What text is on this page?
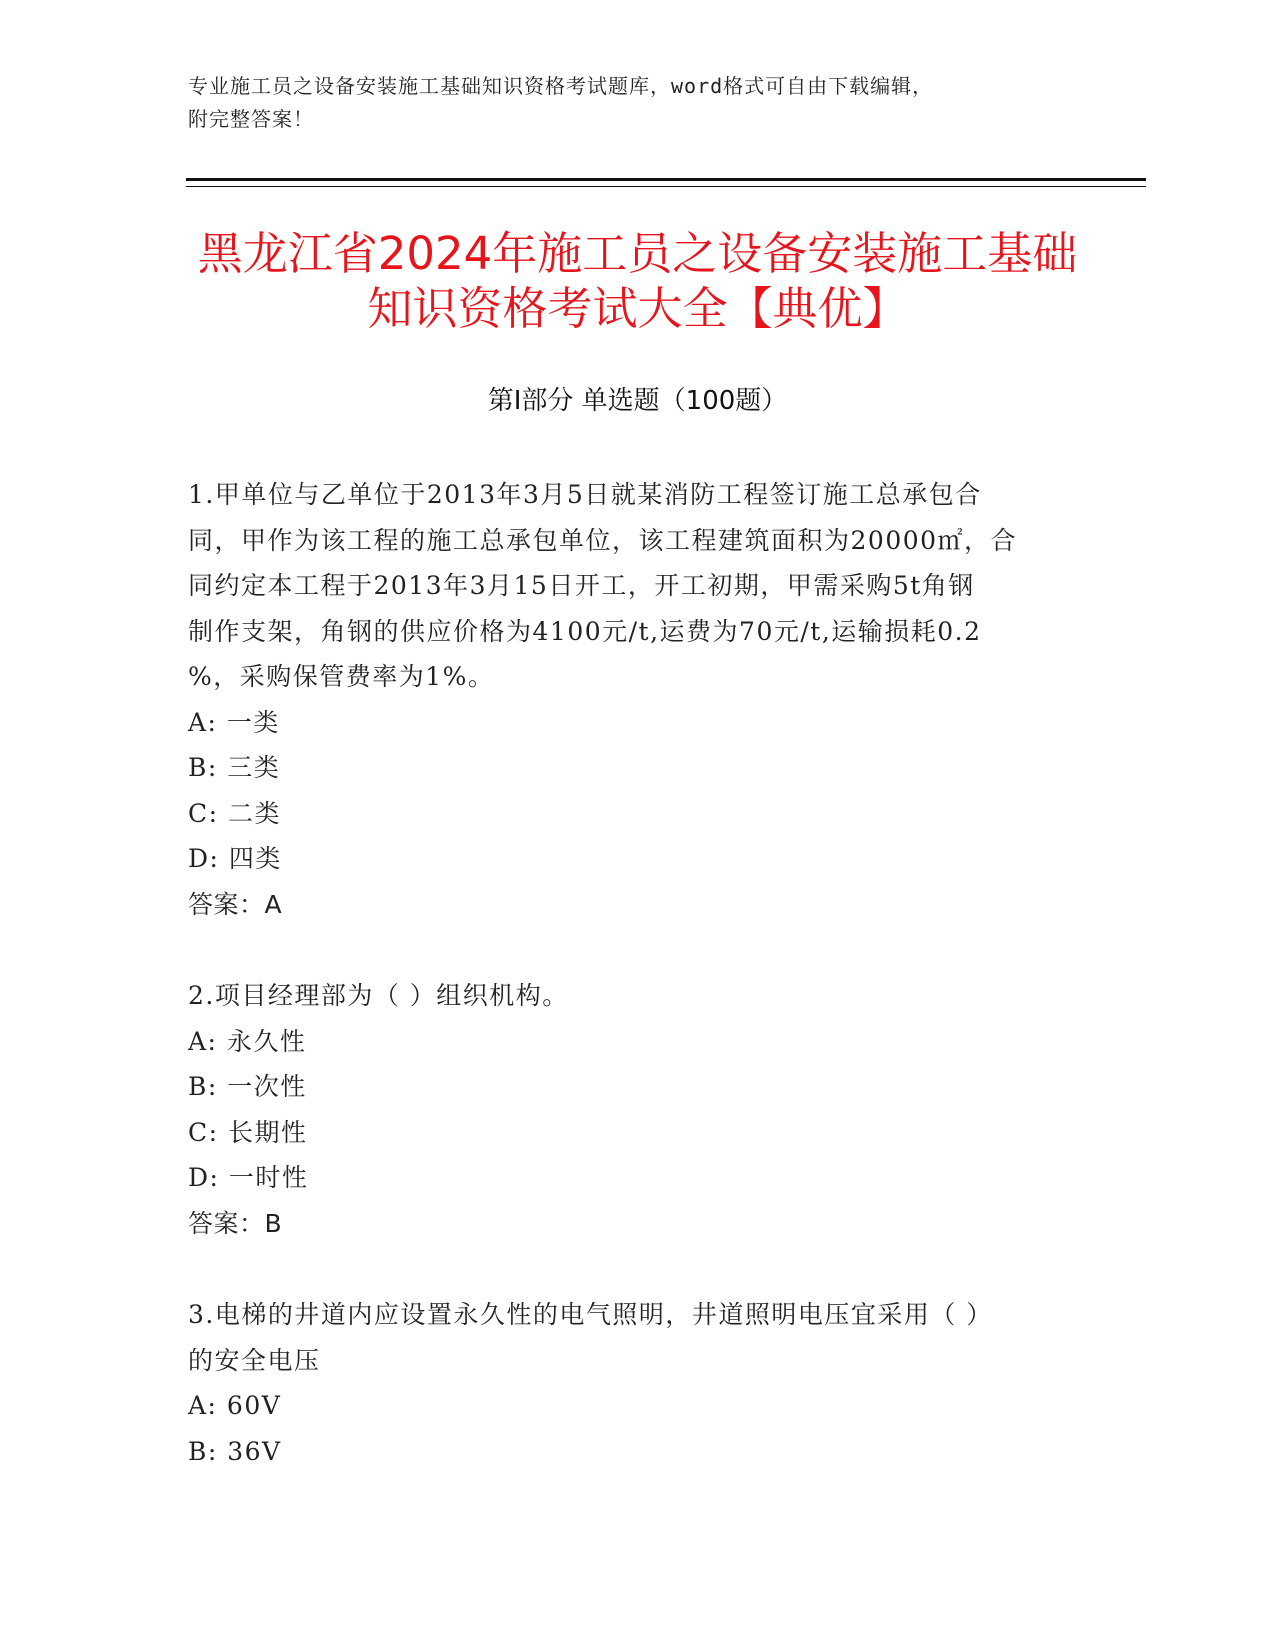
专业施工员之设备安装施工基础知识资格考试题库，word格式可自由下载编辑，
附完整答案！
黑龙江省2024年施工员之设备安装施工基础
知识资格考试大全【典优】
第Ⅰ部分 单选题（100题）
1.甲单位与乙单位于2013年3月5日就某消防工程签订施工总承包合
同，甲作为该工程的施工总承包单位，该工程建筑面积为20000㎡，合
同约定本工程于2013年3月15日开工，开工初期，甲需采购5t角钢
制作支架，角钢的供应价格为4100元/t,运费为70元/t,运输损耗0.2
%，采购保管费率为1%。
A: 一类
B: 三类
C: 二类
D: 四类
答案：A
2.项目经理部为（ ）组织机构。
A: 永久性
B: 一次性
C: 长期性
D: 一时性
答案：B
3.电梯的井道内应设置永久性的电气照明，井道照明电压宜采用（ ）
的安全电压
A: 60V
B: 36V
